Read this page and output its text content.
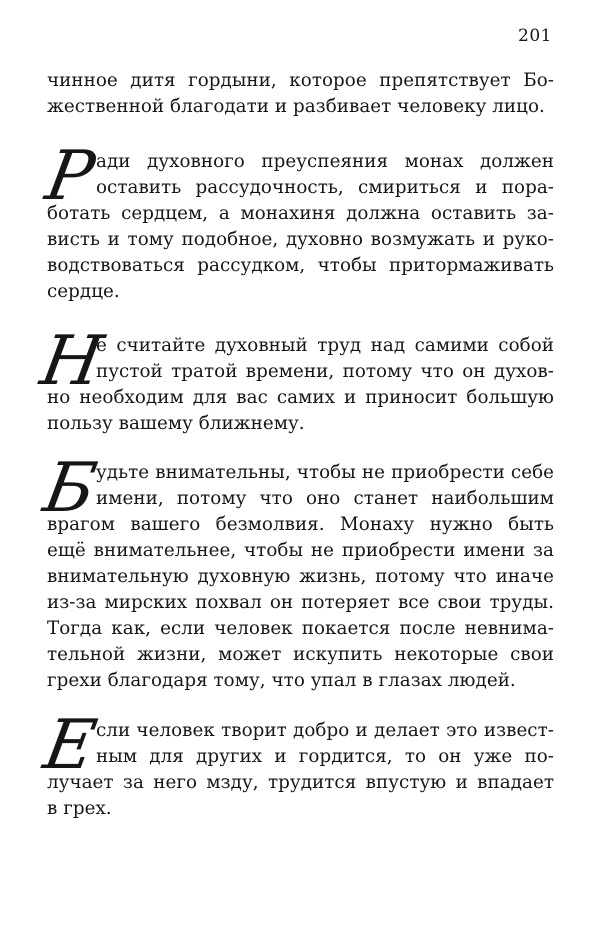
201
чинное дитя гордыни, которое препятствует Бо-
жественной благодати и разбивает человеку лицо.
Р
ади духовного преуспеяния монах должен
оставить рассудочность, смириться и пора-
ботать сердцем, а монахиня должна оставить за-
висть и тому подобное, духовно возмужать и руко-
водствоваться рассудком, чтобы притормаживать
сердце.
Н
е считайте духовный труд над самими собой
пустой тратой времени, потому что он духов-
но необходим для вас самих и приносит большую
пользу вашему ближнему.
Б
удьте внимательны, чтобы не приобрести себе
имени, потому что оно станет наибольшим
врагом вашего безмолвия. Монаху нужно быть
ещё внимательнее, чтобы не приобрести имени за
внимательную духовную жизнь, потому что иначе
из-за мирских похвал он потеряет все свои труды.
Тогда как, если человек покается после невнима-
тельной жизни, может искупить некоторые свои
грехи благодаря тому, что упал в глазах людей.
Е
сли человек творит добро и делает это извест-
ным для других и гордится, то он уже по-
лучает за него мзду, трудится впустую и впадает
в грех.
